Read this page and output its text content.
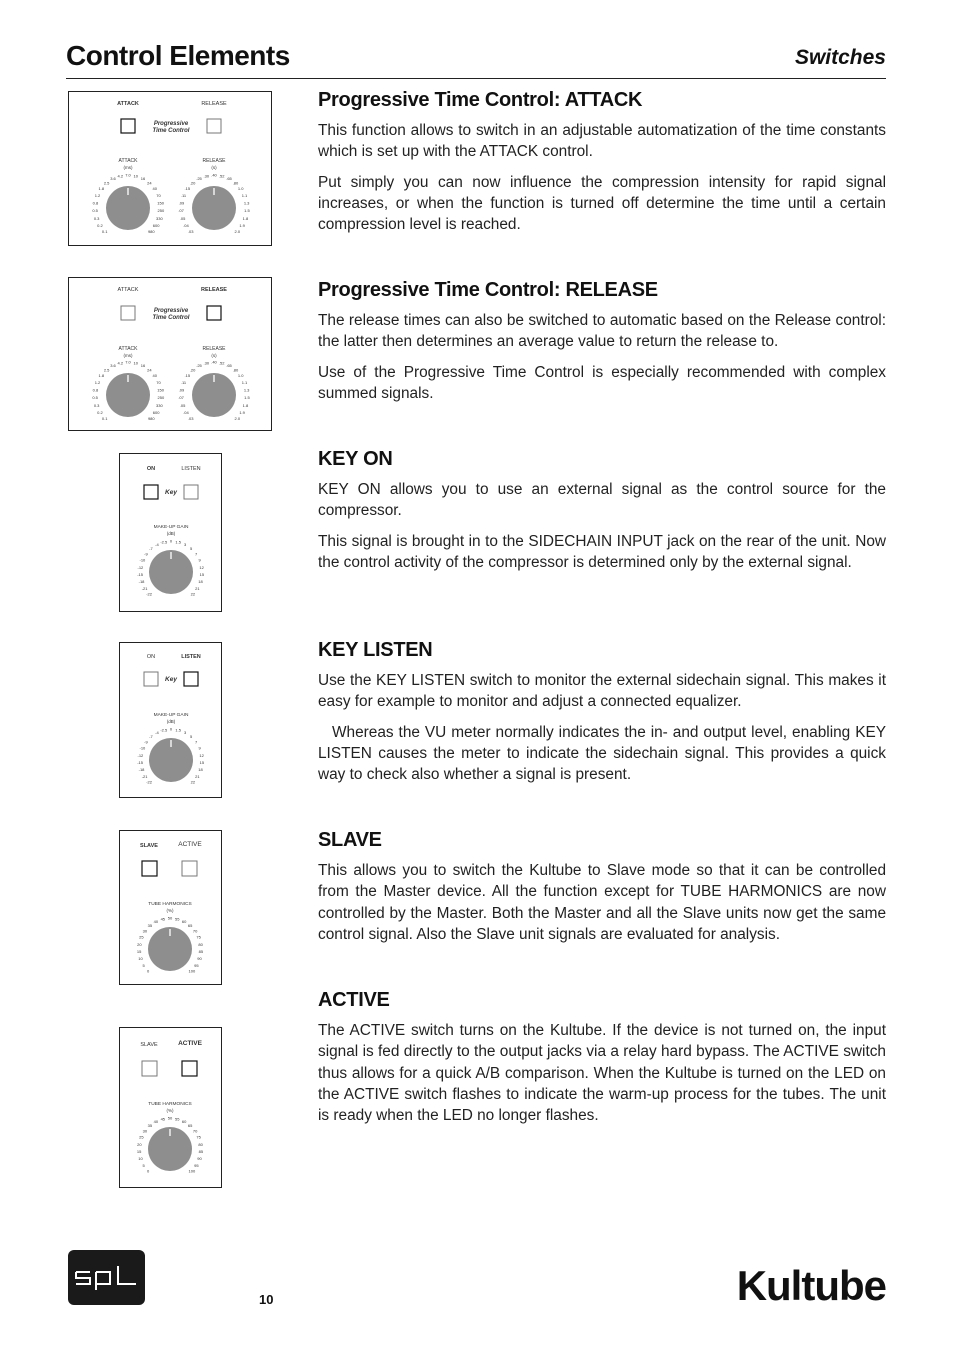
Control Elements	Switches
Progressive Time Control: ATTACK

This function allows to switch in an adjustable automatization of the time constants which is set up with the ATTACK control.

Put simply you can now influence the compression intensity for rapid signal increases, or when the function is turned off determine the time until a certain compression level is reached.

Progressive Time Control: RELEASE

The release times can also be switched to automatic based on the Release control: the latter then determines an average value to return the release to.

Use of the Progressive Time Control is especially recommended with complex summed signals.

KEY ON

KEY ON allows you to use an external signal as the control source for the compressor.

This signal is brought in to the SIDECHAIN INPUT jack on the rear of the unit. Now the control activity of the compressor is determined only by the external signal.

KEY LISTEN

Use the KEY LISTEN switch to monitor the external sidechain signal. This makes it easy for example to monitor and adjust a connected equalizer.

Whereas the VU meter normally indicates the in- and output level, enabling KEY LISTEN causes the meter to indicate the sidechain signal. This provides a quick way to check also whether a signal is present.

SLAVE

This allows you to switch the Kultube to Slave mode so that it can be controlled from the Master device. All the function except for TUBE HARMONICS are now controlled by the Master. Both the Master and all the Slave units now get the same control signal. Also the Slave unit signals are evaluated for analysis.

ACTIVE

The ACTIVE switch turns on the Kultube. If the device is not turned on, the input signal is fed directly to the output jacks via a relay hard bypass. The ACTIVE switch thus allows for a quick A/B comparison. When the Kultube is turned on the LED on the ACTIVE switch flashes to indicate the warm-up process for the tubes. The unit is ready when the LED no longer flashes.

ATTACK	RELEASE
Progressive
Time Control
ATTACK
(ms)
RELEASE
(s)
0.1
0.2
0.3
0.5
0.8
1.2
1.8
2.5
3.6
4.2 7.0 10
16
24
40
70
150
250
330
600
980	.03
.04
.05
.07
.09
.11
.15
.20
.25
.30 .40 .52
.65
.80
1.0
1.1
1.3
1.5
1.8
1.9
2.0
ATTACK	RELEASE
Progressive
Time Control
ATTACK
(ms)
RELEASE
(s)
0.1
0.2
0.3
0.5
0.8
1.2
1.8
2.5
3.6
4.2 7.0 10
16
24
40
70
150
250
330
600
980	.03
.04
.05
.07
.09
.11
.15
.20
.25
.30 .40 .52
.65
.80
1.0
1.1
1.3
1.5
1.8
1.9
2.0
ON	LISTEN
Key
MAKE-UP GAIN
(dB)
-22
-21
-18
-15
-12
-10
-9
-7
-4 -2.5 0 1.5 3
5
7
9
12
15
18
21
22
ON	LISTEN
Key
MAKE-UP GAIN
(dB)
-22
-21
-18
-15
-12
-10
-9
-7
-4 -2.5 0 1.5 3
5
7
9
12
15
18
21
22
SLAVE	ACTIVE
TUBE HARMONICS
(%)
0
5
10
15
20
25
30
35
40 45 50 55 60
65
70
75
80
85
90
95
100
SLAVE	ACTIVE
TUBE HARMONICS
(%)
0
5
10
15
20
25
30
35
40 45 50 55 60
65
70
75
80
85
90
95
100
10	Kultube
